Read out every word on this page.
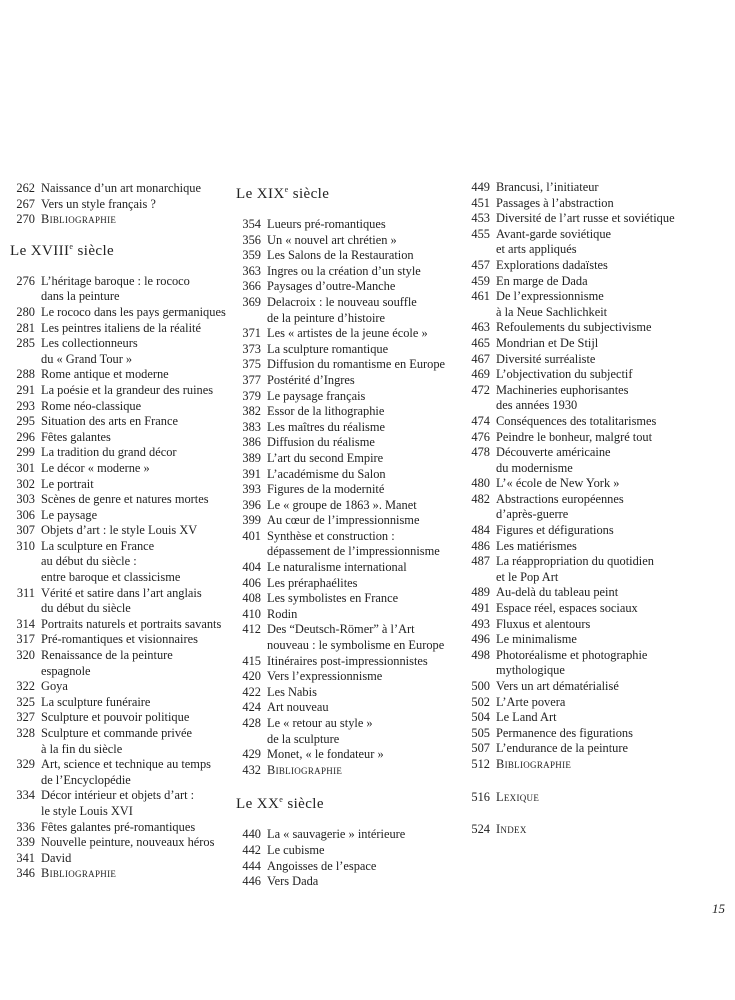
262 Naissance d’un art monarchique
267 Vers un style français ?
270 Bibliographie
Le XVIIIe siècle
276 L’héritage baroque : le rococo
dans la peinture
280 Le rococo dans les pays germaniques
281 Les peintres italiens de la réalité
285 Les collectionneurs
du « Grand Tour »
288 Rome antique et moderne
291 La poésie et la grandeur des ruines
293 Rome néo-classique
295 Situation des arts en France
296 Fêtes galantes
299 La tradition du grand décor
301 Le décor « moderne »
302 Le portrait
303 Scènes de genre et natures mortes
306 Le paysage
307 Objets d’art : le style Louis XV
310 La sculpture en France
au début du siècle :
entre baroque et classicisme
311 Vérité et satire dans l’art anglais
du début du siècle
314 Portraits naturels et portraits savants
317 Pré-romantiques et visionnaires
320 Renaissance de la peinture
espagnole
322 Goya
325 La sculpture funéraire
327 Sculpture et pouvoir politique
328 Sculpture et commande privée
à la fin du siècle
329 Art, science et technique au temps
de l’Encyclopédie
334 Décor intérieur et objets d’art :
le style Louis XVI
336 Fêtes galantes pré-romantiques
339 Nouvelle peinture, nouveaux héros
341 David
346 Bibliographie
Le XIXe siècle
354 Lueurs pré-romantiques
356 Un « nouvel art chrétien »
359 Les Salons de la Restauration
363 Ingres ou la création d’un style
366 Paysages d’outre-Manche
369 Delacroix : le nouveau souffle
de la peinture d’histoire
371 Les « artistes de la jeune école »
373 La sculpture romantique
375 Diffusion du romantisme en Europe
377 Postérité d’Ingres
379 Le paysage français
382 Essor de la lithographie
383 Les maîtres du réalisme
386 Diffusion du réalisme
389 L’art du second Empire
391 L’académisme du Salon
393 Figures de la modernité
396 Le « groupe de 1863 ». Manet
399 Au cœur de l’impressionnisme
401 Synthèse et construction :
dépassement de l’impressionnisme
404 Le naturalisme international
406 Les préraphaélites
408 Les symbolistes en France
410 Rodin
412 Des “Deutsch-Römer” à l’Art
nouveau : le symbolisme en Europe
415 Itinéraires post-impressionnistes
420 Vers l’expressionnisme
422 Les Nabis
424 Art nouveau
428 Le « retour au style »
de la sculpture
429 Monet, « le fondateur »
432 Bibliographie
Le XXe siècle
440 La « sauvagerie » intérieure
442 Le cubisme
444 Angoisses de l’espace
446 Vers Dada
449 Brancusi, l’initiateur
451 Passages à l’abstraction
453 Diversité de l’art russe et soviétique
455 Avant-garde soviétique
et arts appliqués
457 Explorations dadaïstes
459 En marge de Dada
461 De l’expressionnisme
à la Neue Sachlichkeit
463 Refoulements du subjectivisme
465 Mondrian et De Stijl
467 Diversité surréaliste
469 L’objectivation du subjectif
472 Machineries euphorisantes
des années 1930
474 Conséquences des totalitarismes
476 Peindre le bonheur, malgré tout
478 Découverte américaine
du modernisme
480 L’« école de New York »
482 Abstractions européennes
d’après-guerre
484 Figures et défigurations
486 Les matiérismes
487 La réappropriation du quotidien
et le Pop Art
489 Au-delà du tableau peint
491 Espace réel, espaces sociaux
493 Fluxus et alentours
496 Le minimalisme
498 Photoréalisme et photographie
mythologique
500 Vers un art dématérialisé
502 L’Arte povera
504 Le Land Art
505 Permanence des figurations
507 L’endurance de la peinture
512 Bibliographie
516 Lexique
524 Index
15
